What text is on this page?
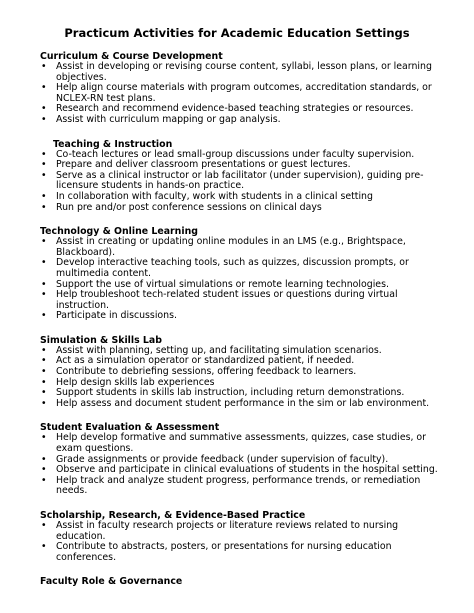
Practicum Activities for Academic Education Settings
Curriculum & Course Development
• Assist in developing or revising course content, syllabi, lesson plans, or learning objectives.
• Help align course materials with program outcomes, accreditation standards, or NCLEX-RN test plans.
• Research and recommend evidence-based teaching strategies or resources.
• Assist with curriculum mapping or gap analysis.
Teaching & Instruction
• Co-teach lectures or lead small-group discussions under faculty supervision.
• Prepare and deliver classroom presentations or guest lectures.
• Serve as a clinical instructor or lab facilitator (under supervision), guiding pre-licensure students in hands-on practice.
• In collaboration with faculty, work with students in a clinical setting
• Run pre and/or post conference sessions on clinical days
Technology & Online Learning
• Assist in creating or updating online modules in an LMS (e.g., Brightspace, Blackboard).
• Develop interactive teaching tools, such as quizzes, discussion prompts, or multimedia content.
• Support the use of virtual simulations or remote learning technologies.
• Help troubleshoot tech-related student issues or questions during virtual instruction.
• Participate in discussions.
Simulation & Skills Lab
• Assist with planning, setting up, and facilitating simulation scenarios.
• Act as a simulation operator or standardized patient, if needed.
• Contribute to debriefing sessions, offering feedback to learners.
• Help design skills lab experiences
• Support students in skills lab instruction, including return demonstrations.
• Help assess and document student performance in the sim or lab environment.
Student Evaluation & Assessment
• Help develop formative and summative assessments, quizzes, case studies, or exam questions.
• Grade assignments or provide feedback (under supervision of faculty).
• Observe and participate in clinical evaluations of students in the hospital setting.
• Help track and analyze student progress, performance trends, or remediation needs.
Scholarship, Research, & Evidence-Based Practice
• Assist in faculty research projects or literature reviews related to nursing education.
• Contribute to abstracts, posters, or presentations for nursing education conferences.
Faculty Role & Governance
